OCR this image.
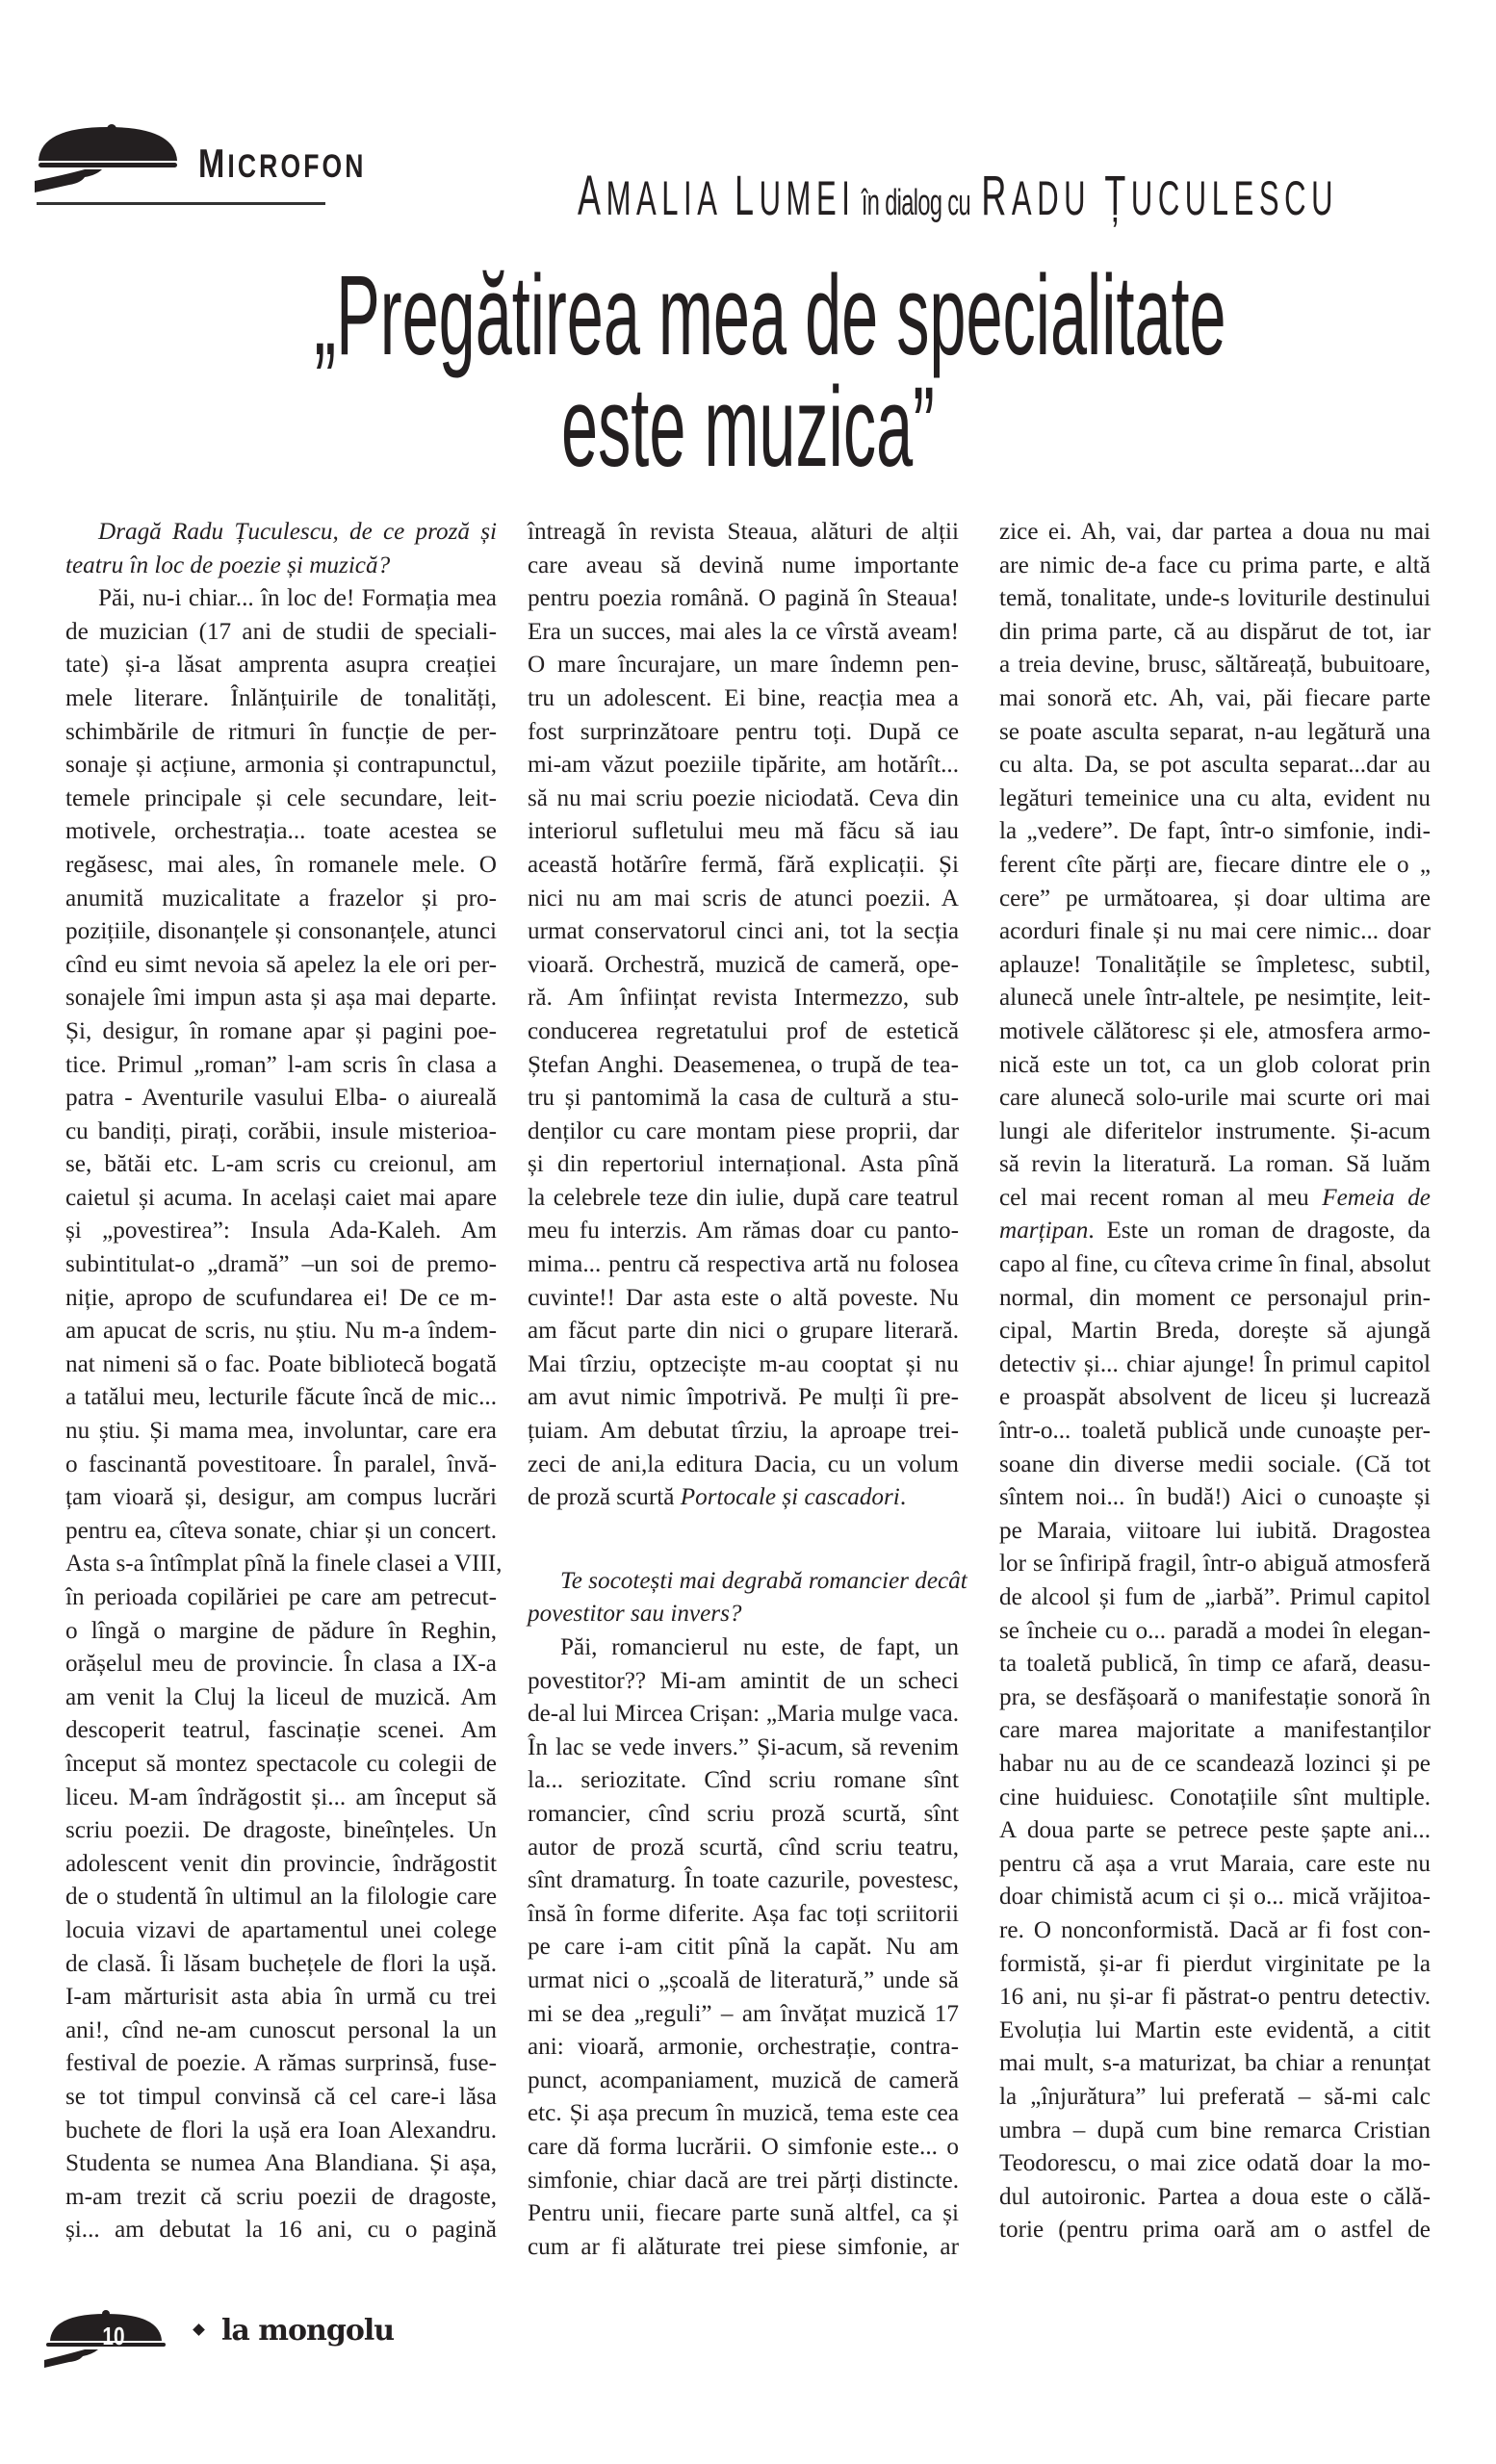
MICROFON	AMALIA LUMEI în dialog cu RADU ȚUCULESCU
„Pregătirea mea de specialitate
este muzica”
Dragă Radu Țuculescu, de ce proză și
teatru în loc de poezie și muzică?
Păi, nu-i chiar... în loc de! Formația mea
de muzician (17 ani de studii de speciali-
tate) și-a lăsat amprenta asupra creației
mele literare. Înlănțuirile de tonalități,
schimbările de ritmuri în funcție de per-
sonaje și acțiune, armonia și contrapunctul,
temele principale și cele secundare, leit-
motivele, orchestrația... toate acestea se
regăsesc, mai ales, în romanele mele. O
anumită muzicalitate a frazelor și pro-
pozițiile, disonanțele și consonanțele, atunci
cînd eu simt nevoia să apelez la ele ori per-
sonajele îmi impun asta și așa mai departe.
Și, desigur, în romane apar și pagini poe-
tice. Primul „roman” l-am scris în clasa a
patra - Aventurile vasului Elba- o aiureală
cu bandiți, pirați, corăbii, insule misterioa-
se, bătăi etc. L-am scris cu creionul, am
caietul și acuma. In același caiet mai apare
și „povestirea”: Insula Ada-Kaleh. Am
subintitulat-o „dramă” –un soi de premo-
niție, apropo de scufundarea ei! De ce m-
am apucat de scris, nu știu. Nu m-a îndem-
nat nimeni să o fac. Poate bibliotecă bogată
a tatălui meu, lecturile făcute încă de mic...
nu știu. Și mama mea, involuntar, care era
o fascinantă povestitoare. În paralel, învă-
țam vioară și, desigur, am compus lucrări
pentru ea, cîteva sonate, chiar și un concert.
Asta s-a întîmplat pînă la finele clasei a VIII,
în perioada copilăriei pe care am petrecut-
o lîngă o margine de pădure în Reghin,
orășelul meu de provincie. În clasa a IX-a
am venit la Cluj la liceul de muzică. Am
descoperit teatrul, fascinație scenei. Am
început să montez spectacole cu colegii de
liceu. M-am îndrăgostit și... am început să
scriu poezii. De dragoste, bineînțeles. Un
adolescent venit din provincie, îndrăgostit
de o studentă în ultimul an la filologie care
locuia vizavi de apartamentul unei colege
de clasă. Îi lăsam buchețele de flori la ușă.
I-am mărturisit asta abia în urmă cu trei
ani!, cînd ne-am cunoscut personal la un
festival de poezie. A rămas surprinsă, fuse-
se tot timpul convinsă că cel care-i lăsa
buchete de flori la ușă era Ioan Alexandru.
Studenta se numea Ana Blandiana. Și așa,
m-am trezit că scriu poezii de dragoste,
și... am debutat la 16 ani, cu o pagină
întreagă în revista Steaua, alături de alții
care aveau să devină nume importante
pentru poezia română. O pagină în Steaua!
Era un succes, mai ales la ce vîrstă aveam!
O mare încurajare, un mare îndemn pen-
tru un adolescent. Ei bine, reacția mea a
fost surprinzătoare pentru toți. După ce
mi-am văzut poeziile tipărite, am hotărît...
să nu mai scriu poezie niciodată. Ceva din
interiorul sufletului meu mă făcu să iau
această hotărîre fermă, fără explicații. Și
nici nu am mai scris de atunci poezii. A
urmat conservatorul cinci ani, tot la secția
vioară. Orchestră, muzică de cameră, ope-
ră. Am înființat revista Intermezzo, sub
conducerea regretatului prof de estetică
Ștefan Anghi. Deasemenea, o trupă de tea-
tru și pantomimă la casa de cultură a stu-
denților cu care montam piese proprii, dar
și din repertoriul internațional. Asta pînă
la celebrele teze din iulie, după care teatrul
meu fu interzis. Am rămas doar cu panto-
mima... pentru că respectiva artă nu folosea
cuvinte!! Dar asta este o altă poveste. Nu
am făcut parte din nici o grupare literară.
Mai tîrziu, optzeciște m-au cooptat și nu
am avut nimic împotrivă. Pe mulți îi pre-
țuiam. Am debutat tîrziu, la aproape trei-
zeci de ani,la editura Dacia, cu un volum
de proză scurtă Portocale și cascadori.
Te socotești mai degrabă romancier decât
povestitor sau invers?
Păi, romancierul nu este, de fapt, un
povestitor?? Mi-am amintit de un scheci
de-al lui Mircea Crișan: „Maria mulge vaca.
În lac se vede invers.” Și-acum, să revenim
la... seriozitate. Cînd scriu romane sînt
romancier, cînd scriu proză scurtă, sînt
autor de proză scurtă, cînd scriu teatru,
sînt dramaturg. În toate cazurile, povestesc,
însă în forme diferite. Așa fac toți scriitorii
pe care i-am citit pînă la capăt. Nu am
urmat nici o „școală de literatură,” unde să
mi se dea „reguli” – am învățat muzică 17
ani: vioară, armonie, orchestrație, contra-
punct, acompaniament, muzică de cameră
etc. Și așa precum în muzică, tema este cea
care dă forma lucrării. O simfonie este... o
simfonie, chiar dacă are trei părți distincte.
Pentru unii, fiecare parte sună altfel, ca și
cum ar fi alăturate trei piese simfonie, ar
zice ei. Ah, vai, dar partea a doua nu mai
are nimic de-a face cu prima parte, e altă
temă, tonalitate, unde-s loviturile destinului
din prima parte, că au dispărut de tot, iar
a treia devine, brusc, săltăreață, bubuitoare,
mai sonoră etc. Ah, vai, păi fiecare parte
se poate asculta separat, n-au legătură una
cu alta. Da, se pot asculta separat...dar au
legături temeinice una cu alta, evident nu
la „vedere”. De fapt, într-o simfonie, indi-
ferent cîte părți are, fiecare dintre ele o „
cere” pe următoarea, și doar ultima are
acorduri finale și nu mai cere nimic... doar
aplauze! Tonalitățile se împletesc, subtil,
alunecă unele într-altele, pe nesimțite, leit-
motivele călătoresc și ele, atmosfera armo-
nică este un tot, ca un glob colorat prin
care alunecă solo-urile mai scurte ori mai
lungi ale diferitelor instrumente. Și-acum
să revin la literatură. La roman. Să luăm
cel mai recent roman al meu Femeia de
marțipan. Este un roman de dragoste, da
capo al fine, cu cîteva crime în final, absolut
normal, din moment ce personajul prin-
cipal, Martin Breda, dorește să ajungă
detectiv și... chiar ajunge! În primul capitol
e proaspăt absolvent de liceu și lucrează
într-o... toaletă publică unde cunoaște per-
soane din diverse medii sociale. (Că tot
sîntem noi... în budă!) Aici o cunoaște și
pe Maraia, viitoare lui iubită. Dragostea
lor se înfiripă fragil, într-o abiguă atmosferă
de alcool și fum de „iarbă”. Primul capitol
se încheie cu o... paradă a modei în elegan-
ta toaletă publică, în timp ce afară, deasu-
pra, se desfășoară o manifestație sonoră în
care marea majoritate a manifestanților
habar nu au de ce scandează lozinci și pe
cine huiduiesc. Conotațiile sînt multiple.
A doua parte se petrece peste șapte ani...
pentru că așa a vrut Maraia, care este nu
doar chimistă acum ci și o... mică vrăjitoa-
re. O nonconformistă. Dacă ar fi fost con-
formistă, și-ar fi pierdut virginitate pe la
16 ani, nu și-ar fi păstrat-o pentru detectiv.
Evoluția lui Martin este evidentă, a citit
mai mult, s-a maturizat, ba chiar a renunțat
la „înjurătura” lui preferată – să-mi calc
umbra – după cum bine remarca Cristian
Teodorescu, o mai zice odată doar la mo-
dul autoironic. Partea a doua este o călă-
torie (pentru prima oară am o astfel de
10	la mongolu
